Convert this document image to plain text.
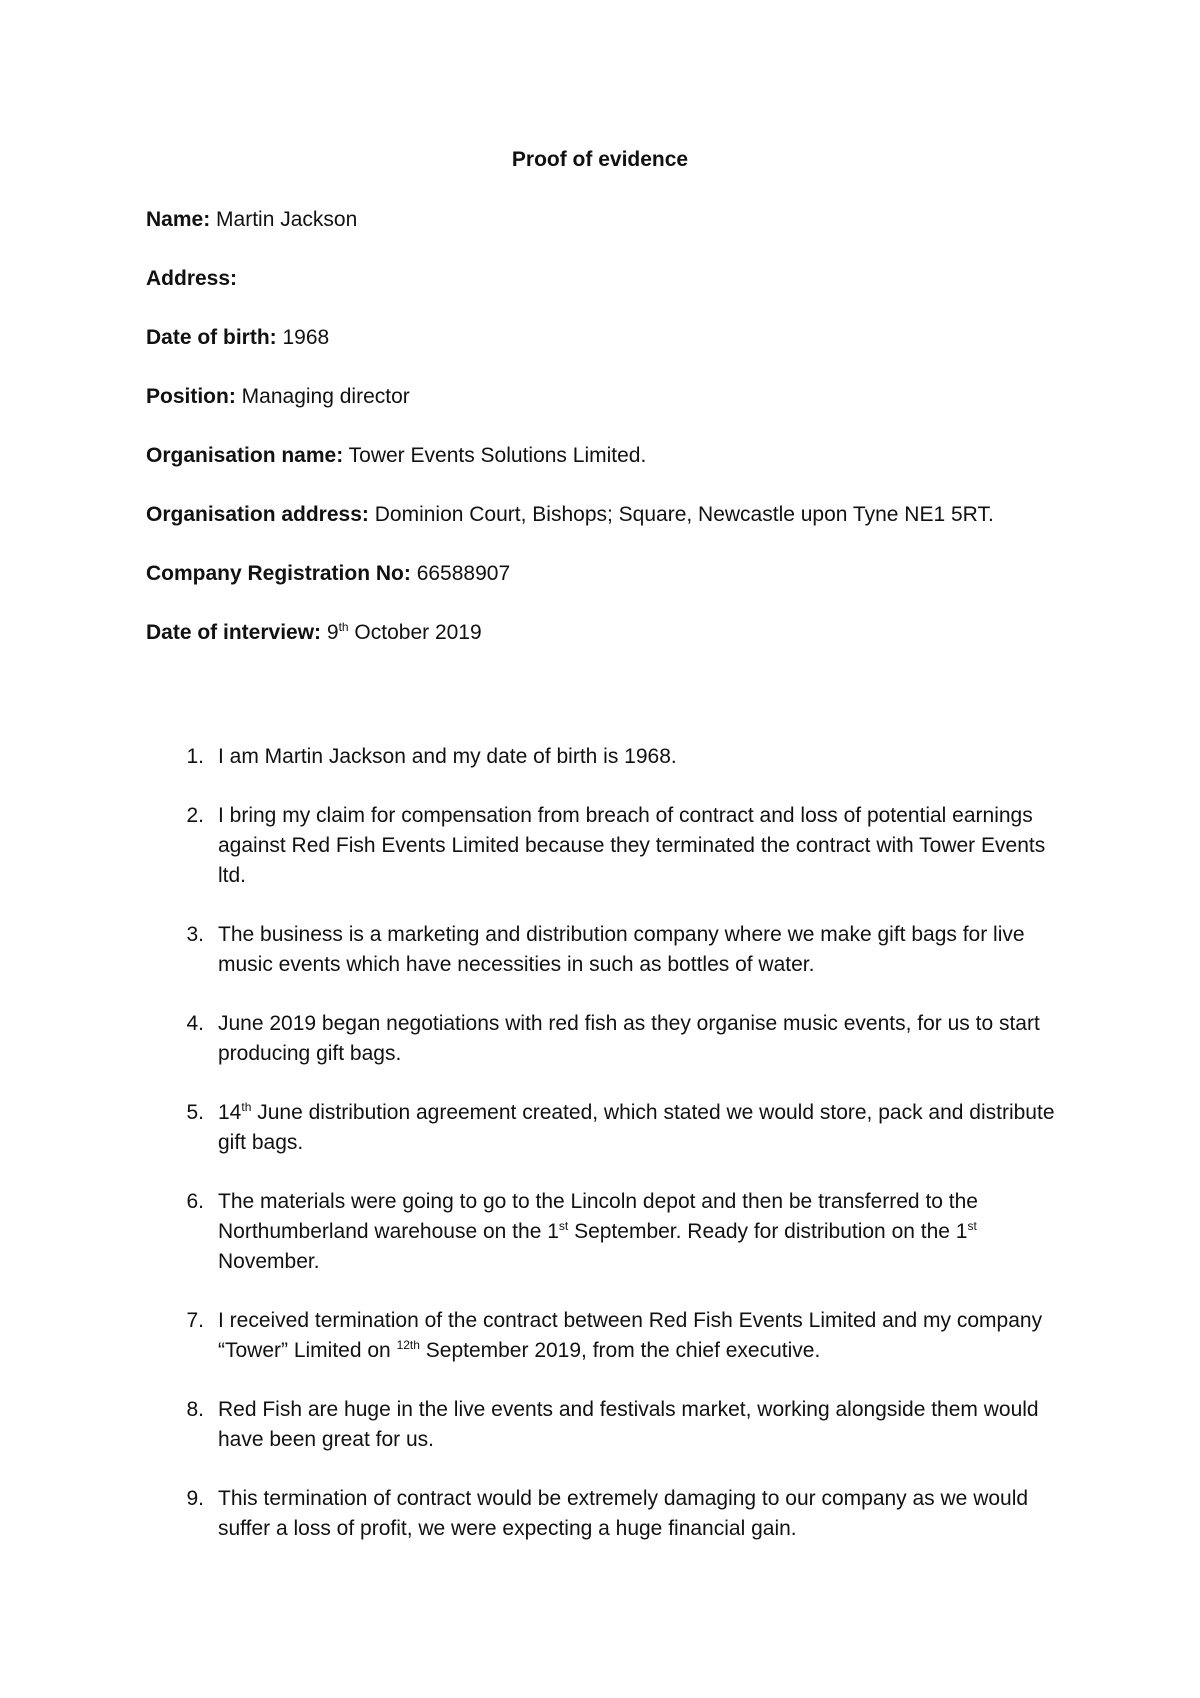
Proof of evidence
Name: Martin Jackson
Address:
Date of birth: 1968
Position: Managing director
Organisation name: Tower Events Solutions Limited.
Organisation address: Dominion Court, Bishops; Square, Newcastle upon Tyne NE1 5RT.
Company Registration No: 66588907
Date of interview: 9th October 2019
1. I am Martin Jackson and my date of birth is 1968.
2. I bring my claim for compensation from breach of contract and loss of potential earnings against Red Fish Events Limited because they terminated the contract with Tower Events ltd.
3. The business is a marketing and distribution company where we make gift bags for live music events which have necessities in such as bottles of water.
4. June 2019 began negotiations with red fish as they organise music events, for us to start producing gift bags.
5. 14th June distribution agreement created, which stated we would store, pack and distribute gift bags.
6. The materials were going to go to the Lincoln depot and then be transferred to the Northumberland warehouse on the 1st September. Ready for distribution on the 1st November.
7. I received termination of the contract between Red Fish Events Limited and my company “Tower” Limited on $^{12th}$ September 2019, from the chief executive.
8. Red Fish are huge in the live events and festivals market, working alongside them would have been great for us.
9. This termination of contract would be extremely damaging to our company as we would suffer a loss of profit, we were expecting a huge financial gain.
